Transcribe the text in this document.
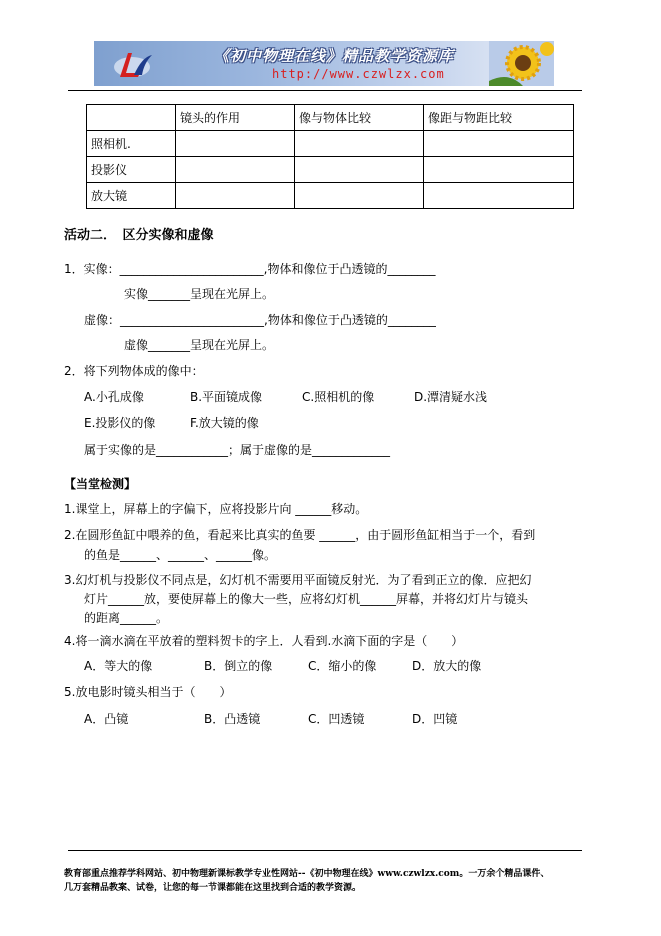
《初中物理在线》精品教学资源库
http://www.czwlzx.com
	镜头的作用	像与物体比较	像距与物距比较
照相机.			
投影仪			
放大镜			
活动二．　区分实像和虚像
1．实像：________________________,物体和像位于凸透镜的________
实像_______呈现在光屏上。
虚像：________________________,物体和像位于凸透镜的________
虚像_______呈现在光屏上。
2．将下列物体成的像中：
A.小孔成像	B.平面镜成像	C.照相机的像	D.潭清疑水浅
E.投影仪的像	F.放大镜的像
属于实像的是____________；属于虚像的是_____________
【当堂检测】
1.课堂上，屏幕上的字偏下，应将投影片向 ______移动。
2.在圆形鱼缸中喂养的鱼，看起来比真实的鱼要 ______，由于圆形鱼缸相当于一个，看到
的鱼是______、______、______像。
3.幻灯机与投影仪不同点是，幻灯机不需要用平面镜反射光．为了看到正立的像．应把幻
灯片______放，要使屏幕上的像大一些，应将幻灯机______屏幕，并将幻灯片与镜头
的距离______。
4.将一滴水滴在平放着的塑料贺卡的字上．人看到.水滴下面的字是（　　）
A．等大的像	B．倒立的像	C．缩小的像	D．放大的像
5.放电影时镜头相当于（　　）
A．凸镜	B．凸透镜	C．凹透镜	D．凹镜
教育部重点推荐学科网站、初中物理新课标教学专业性网站--《初中物理在线》www.czwlzx.com。一万余个精品课件、
几万套精品教案、试卷，让您的每一节课都能在这里找到合适的教学资源。
